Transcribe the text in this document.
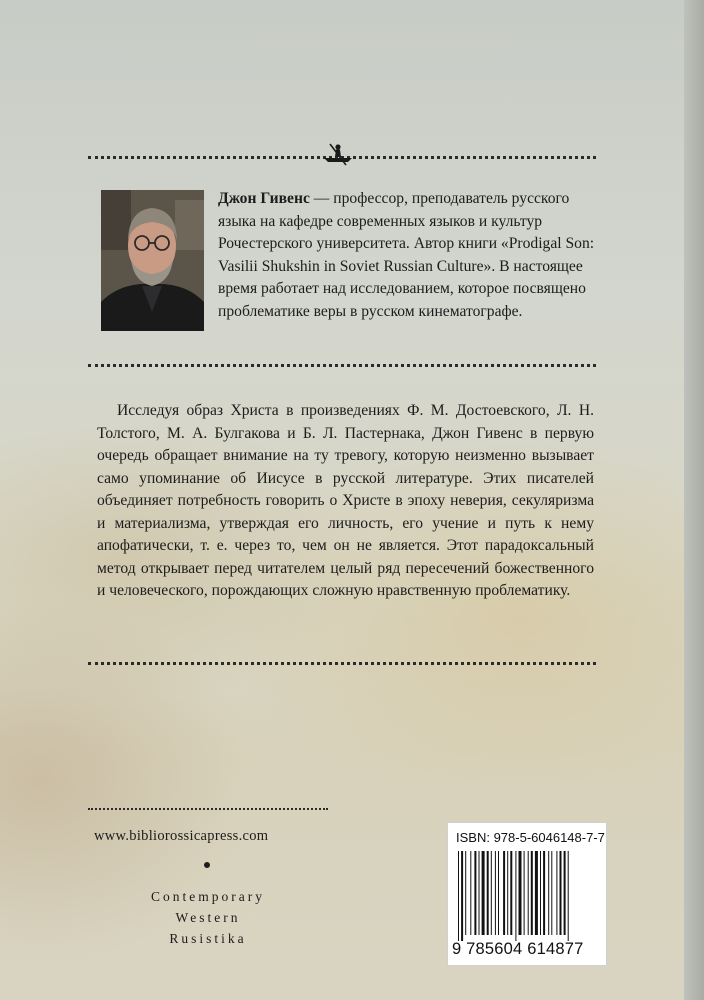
Джон Гивенс — профессор, преподаватель русского языка на кафедре современных языков и культур Рочестерского университета. Автор книги «Prodigal Son: Vasilii Shukshin in Soviet Russian Culture». В настоящее время работает над исследованием, которое посвящено проблематике веры в русском кинематографе.
Исследуя образ Христа в произведениях Ф. М. Достоевского, Л. Н. Толстого, М. А. Булгакова и Б. Л. Пастернака, Джон Гивенс в первую очередь обращает внимание на ту тревогу, которую неизменно вызывает само упоминание об Иисусе в русской литературе. Этих писателей объединяет потребность говорить о Христе в эпоху неверия, секуляризма и материализма, утверждая его личность, его учение и путь к нему апофатически, т. е. через то, чем он не является. Этот парадоксальный метод открывает перед читателем целый ряд пересечений божественного и человеческого, порождающих сложную нравственную проблематику.
www.bibliorossicapress.com
Contemporary
Western
Rusistika
ISBN: 978-5-6046148-7-7
9 785604 614877
